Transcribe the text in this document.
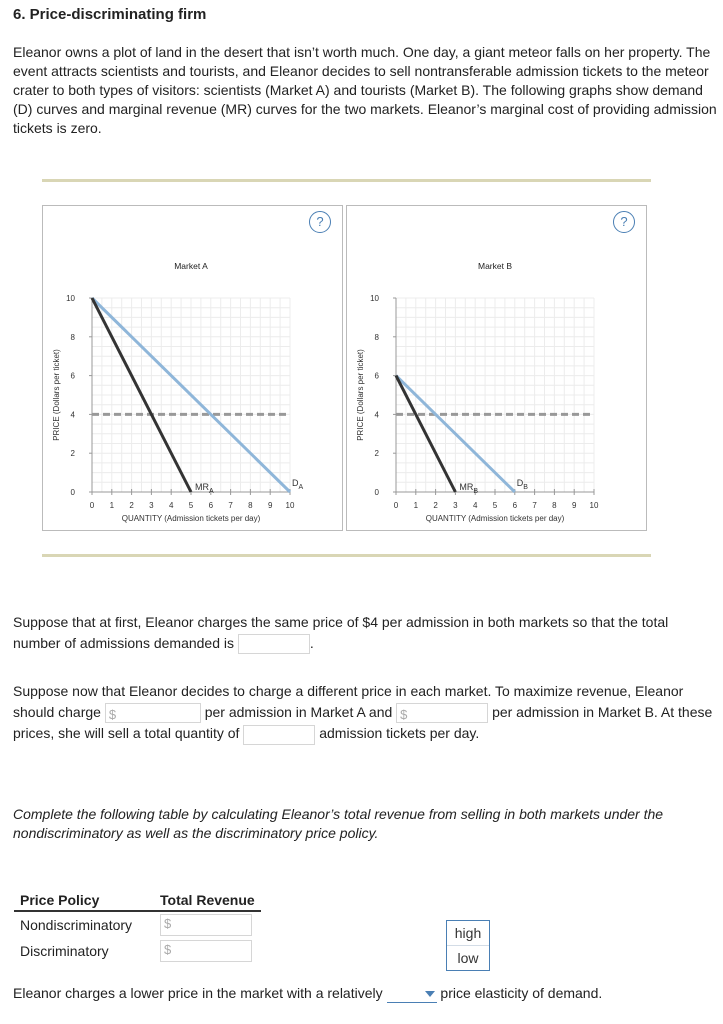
6. Price-discriminating firm
Eleanor owns a plot of land in the desert that isn’t worth much. One day, a giant meteor falls on her property. The event attracts scientists and tourists, and Eleanor decides to sell nontransferable admission tickets to the meteor crater to both types of visitors: scientists (Market A) and tourists (Market B). The following graphs show demand (D) curves and marginal revenue (MR) curves for the two markets. Eleanor’s marginal cost of providing admission tickets is zero.
?
Market A
0
2
4
6
8
10
0 1 2 3 4 5 6 7 8 9 10
QUANTITY (Admission tickets per day)
PRICE (Dollars per ticket)
$D_A$
$MR_A$
?
Market B
0
2
4
6
8
10
0 1 2 3 4 5 6 7 8 9 10
QUANTITY (Admission tickets per day)
PRICE (Dollars per ticket)
$D_B$
$MR_B$
Suppose that at first, Eleanor charges the same price of $4 per admission in both markets so that the total number of admissions demanded is	.
Suppose now that Eleanor decides to charge a different price in each market. To maximize revenue, Eleanor should charge $	per admission in Market A and $	per admission in Market B. At these prices, she will sell a total quantity of	admission tickets per day.
Complete the following table by calculating Eleanor’s total revenue from selling in both markets under the nondiscriminatory as well as the discriminatory price policy.
Price Policy	Total Revenue
Nondiscriminatory	$
Discriminatory	$
high
low
Eleanor charges a lower price in the market with a relatively	price elasticity of demand.
